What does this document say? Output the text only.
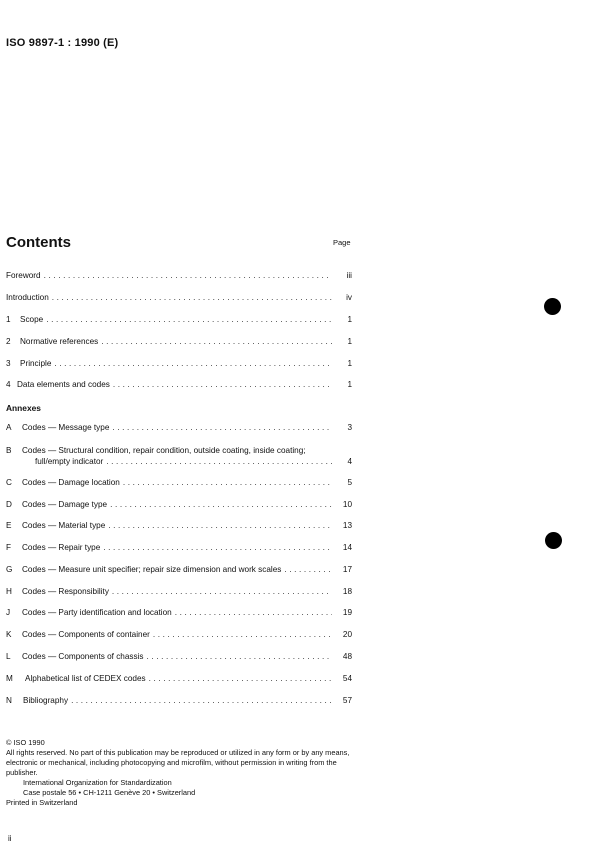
ISO 9897-1 : 1990 (E)
Contents	Page
Foreword .....	iii
Introduction .....	iv
1	Scope .....	1
2	Normative references .....	1
3	Principle .....	1
4 Data elements and codes .....	1
Annexes
A	Codes — Message type .....	3
B Codes — Structural condition, repair condition, outside coating, inside coating;
full/empty indicator .....	4
C	Codes — Damage location .....	5
D	Codes — Damage type .....	10
E	Codes — Material type .....	13
F	Codes — Repair type .....	14
G	Codes — Measure unit specifier; repair size dimension and work scales .....	17
H	Codes — Responsibility .....	18
J	Codes — Party identification and location .....	19
K	Codes — Components of container .....	20
L	Codes — Components of chassis .....	48
M	Alphabetical list of CEDEX codes .....	54
N	Bibliography .....	57
© ISO 1990
All rights reserved. No part of this publication may be reproduced or utilized in any form or by any means, electronic or mechanical, including photocopying and microfilm, without permission in writing from the publisher.
International Organization for Standardization
Case postale 56 • CH-1211 Genève 20 • Switzerland
Printed in Switzerland
ii
